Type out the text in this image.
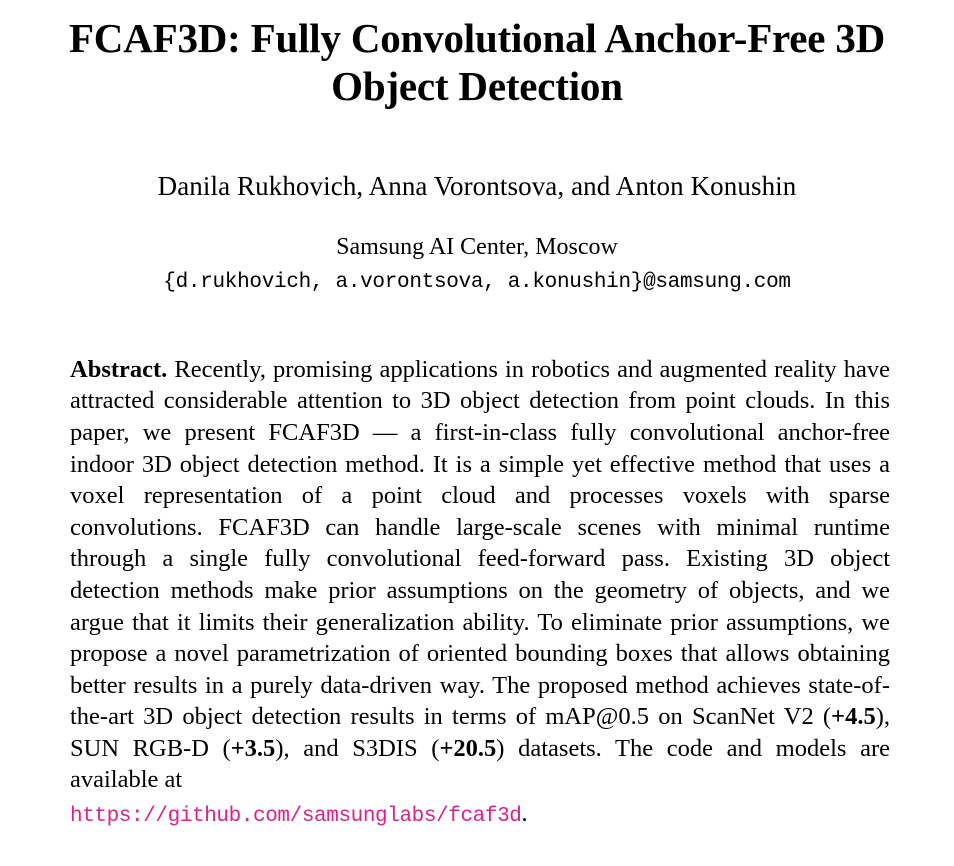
FCAF3D: Fully Convolutional Anchor-Free 3D Object Detection
Danila Rukhovich, Anna Vorontsova, and Anton Konushin
Samsung AI Center, Moscow
{d.rukhovich, a.vorontsova, a.konushin}@samsung.com
Abstract. Recently, promising applications in robotics and augmented reality have attracted considerable attention to 3D object detection from point clouds. In this paper, we present FCAF3D — a first-in-class fully convolutional anchor-free indoor 3D object detection method. It is a simple yet effective method that uses a voxel representation of a point cloud and processes voxels with sparse convolutions. FCAF3D can handle large-scale scenes with minimal runtime through a single fully convolutional feed-forward pass. Existing 3D object detection methods make prior assumptions on the geometry of objects, and we argue that it limits their generalization ability. To eliminate prior assumptions, we propose a novel parametrization of oriented bounding boxes that allows obtaining better results in a purely data-driven way. The proposed method achieves state-of-the-art 3D object detection results in terms of mAP@0.5 on ScanNet V2 (+4.5), SUN RGB-D (+3.5), and S3DIS (+20.5) datasets. The code and models are available at
https://github.com/samsunglabs/fcaf3d.
